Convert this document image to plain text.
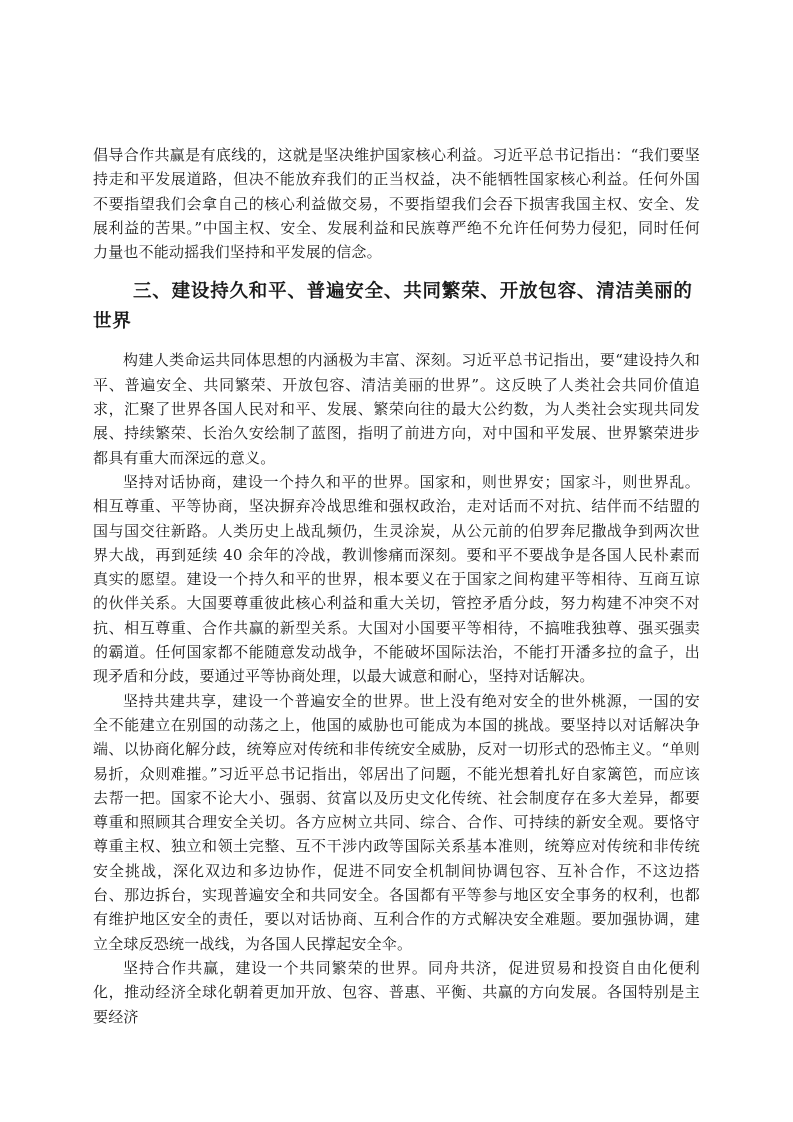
倡导合作共赢是有底线的，这就是坚决维护国家核心利益。习近平总书记指出：“我们要坚持走和平发展道路，但决不能放弃我们的正当权益，决不能牺牲国家核心利益。任何外国不要指望我们会拿自己的核心利益做交易，不要指望我们会吞下损害我国主权、安全、发展利益的苦果。”中国主权、安全、发展利益和民族尊严绝不允许任何势力侵犯，同时任何力量也不能动摇我们坚持和平发展的信念。

三、建设持久和平、普遍安全、共同繁荣、开放包容、清洁美丽的世界

构建人类命运共同体思想的内涵极为丰富、深刻。习近平总书记指出，要“建设持久和平、普遍安全、共同繁荣、开放包容、清洁美丽的世界”。这反映了人类社会共同价值追求，汇聚了世界各国人民对和平、发展、繁荣向往的最大公约数，为人类社会实现共同发展、持续繁荣、长治久安绘制了蓝图，指明了前进方向，对中国和平发展、世界繁荣进步都具有重大而深远的意义。

坚持对话协商，建设一个持久和平的世界。国家和，则世界安；国家斗，则世界乱。相互尊重、平等协商，坚决摒弃冷战思维和强权政治，走对话而不对抗、结伴而不结盟的国与国交往新路。人类历史上战乱频仍，生灵涂炭，从公元前的伯罗奔尼撒战争到两次世界大战，再到延续 40 余年的冷战，教训惨痛而深刻。要和平不要战争是各国人民朴素而真实的愿望。建设一个持久和平的世界，根本要义在于国家之间构建平等相待、互商互谅的伙伴关系。大国要尊重彼此核心利益和重大关切，管控矛盾分歧，努力构建不冲突不对抗、相互尊重、合作共赢的新型关系。大国对小国要平等相待，不搞唯我独尊、强买强卖的霸道。任何国家都不能随意发动战争，不能破坏国际法治，不能打开潘多拉的盒子，出现矛盾和分歧，要通过平等协商处理，以最大诚意和耐心，坚持对话解决。

坚持共建共享，建设一个普遍安全的世界。世上没有绝对安全的世外桃源，一国的安全不能建立在别国的动荡之上，他国的威胁也可能成为本国的挑战。要坚持以对话解决争端、以协商化解分歧，统筹应对传统和非传统安全威胁，反对一切形式的恐怖主义。“单则易折，众则难摧。”习近平总书记指出，邻居出了问题，不能光想着扎好自家篱笆，而应该去帮一把。国家不论大小、强弱、贫富以及历史文化传统、社会制度存在多大差异，都要尊重和照顾其合理安全关切。各方应树立共同、综合、合作、可持续的新安全观。要恪守尊重主权、独立和领土完整、互不干涉内政等国际关系基本准则，统筹应对传统和非传统安全挑战，深化双边和多边协作，促进不同安全机制间协调包容、互补合作，不这边搭台、那边拆台，实现普遍安全和共同安全。各国都有平等参与地区安全事务的权利，也都有维护地区安全的责任，要以对话协商、互利合作的方式解决安全难题。要加强协调，建立全球反恐统一战线，为各国人民撑起安全伞。

坚持合作共赢，建设一个共同繁荣的世界。同舟共济，促进贸易和投资自由化便利化，推动经济全球化朝着更加开放、包容、普惠、平衡、共赢的方向发展。各国特别是主要经济
